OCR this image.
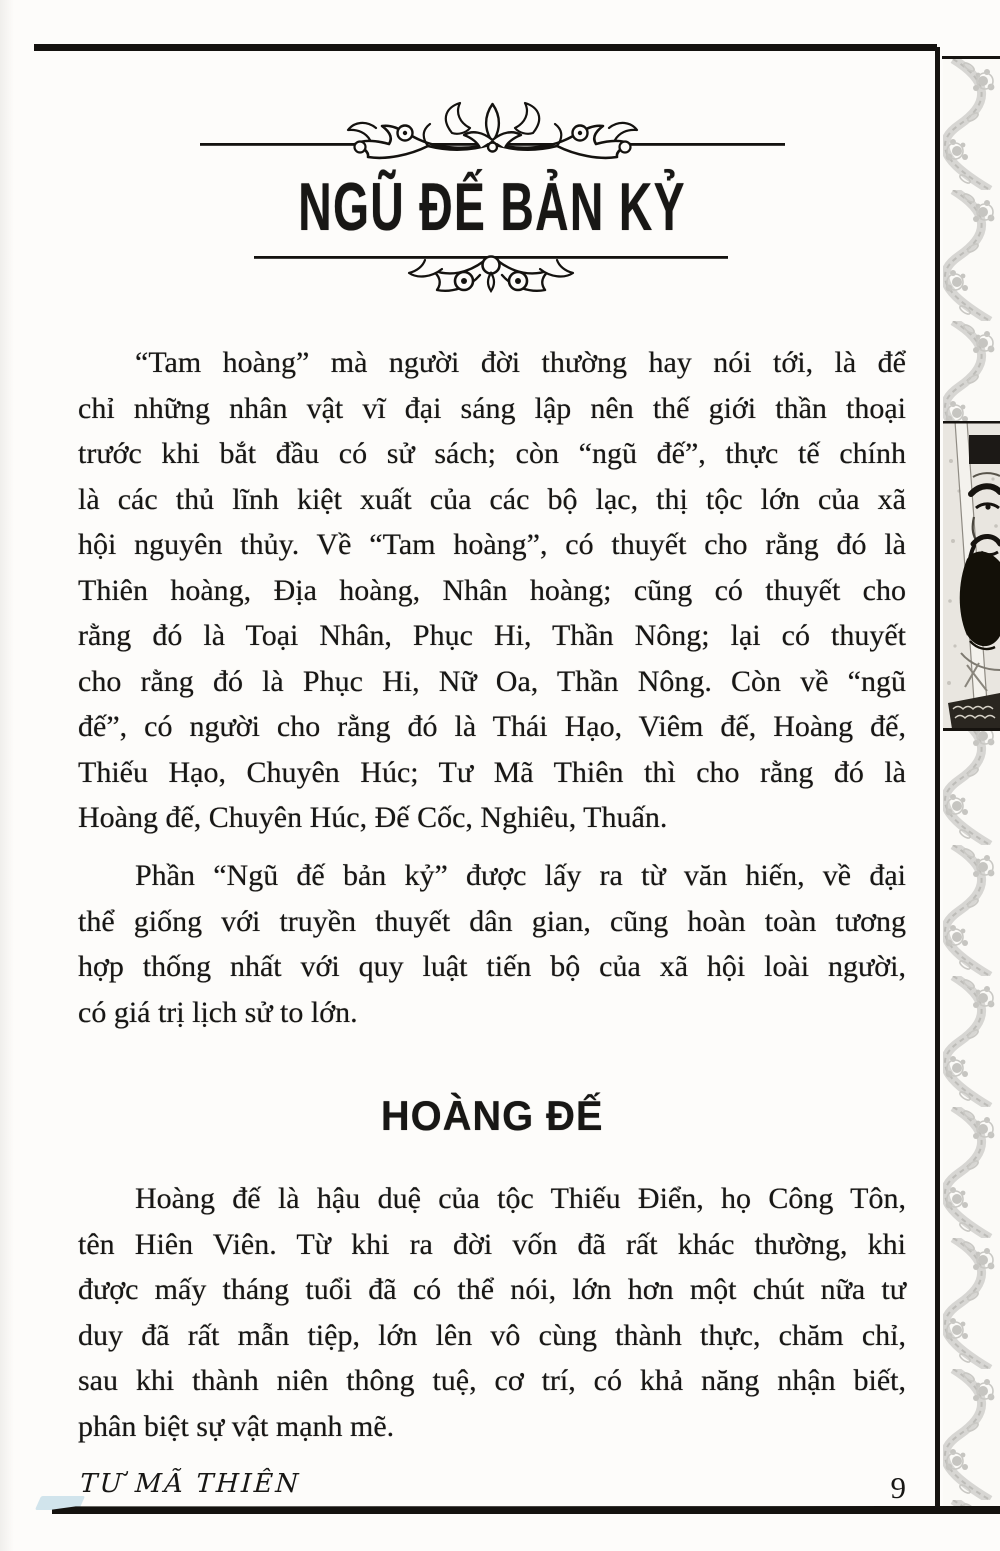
NGŨ ĐẾ BẢN KỶ
“Tam hoàng” mà người đời thường hay nói tới, là để
chỉ những nhân vật vĩ đại sáng lập nên thế giới thần thoại
trước khi bắt đầu có sử sách; còn “ngũ đế”, thực tế chính
là các thủ lĩnh kiệt xuất của các bộ lạc, thị tộc lớn của xã
hội nguyên thủy. Về “Tam hoàng”, có thuyết cho rằng đó là
Thiên hoàng, Địa hoàng, Nhân hoàng; cũng có thuyết cho
rằng đó là Toại Nhân, Phục Hi, Thần Nông; lại có thuyết
cho rằng đó là Phục Hi, Nữ Oa, Thần Nông. Còn về “ngũ
đế”, có người cho rằng đó là Thái Hạo, Viêm đế, Hoàng đế,
Thiếu Hạo, Chuyên Húc; Tư Mã Thiên thì cho rằng đó là
Hoàng đế, Chuyên Húc, Đế Cốc, Nghiêu, Thuấn.
Phần “Ngũ đế bản kỷ” được lấy ra từ văn hiến, về đại
thể giống với truyền thuyết dân gian, cũng hoàn toàn tương
hợp thống nhất với quy luật tiến bộ của xã hội loài người,
có giá trị lịch sử to lớn.
HOÀNG ĐẾ
Hoàng đế là hậu duệ của tộc Thiếu Điển, họ Công Tôn,
tên Hiên Viên. Từ khi ra đời vốn đã rất khác thường, khi
được mấy tháng tuổi đã có thể nói, lớn hơn một chút nữa tư
duy đã rất mẫn tiệp, lớn lên vô cùng thành thực, chăm chỉ,
sau khi thành niên thông tuệ, cơ trí, có khả năng nhận biết,
phân biệt sự vật mạnh mẽ.
TƯ MÃ THIÊN	9
